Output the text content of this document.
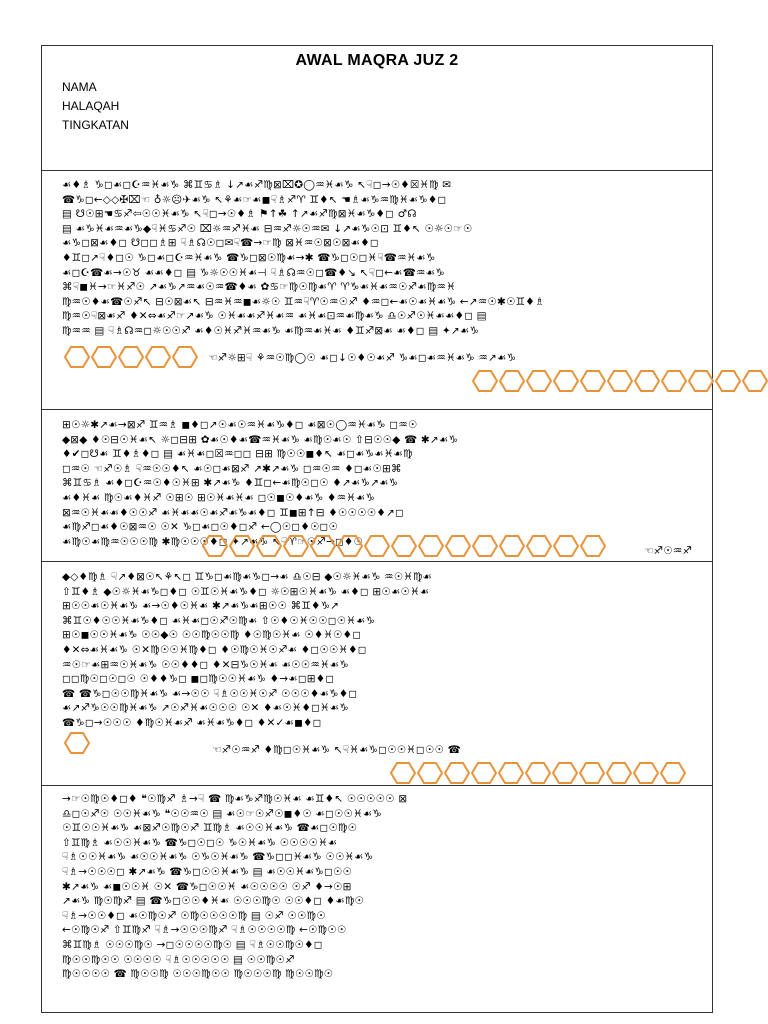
AWAL MAQRA JUZ 2
NAMA
HALAQAH
TINGKATAN
☙♦♗ ♑◻☙◻☪♒♓☙♑ ⌘♊♋♗ ↓↗☙♐♍⊠⌧✪◯♒♓☙♑ ↖☟◻→☉♦☒♓♍ ✉
☎♑◻←◇◇✠⌧☜ ♁☼☹✈☙♑ ↖⚘☙☞☙◼☟♗♐♈ ♊♦↖ ☚♗☙♑♒♍♓☙♑♦◻
▤ ☋☉⊞☚♋♐⇦☉☉♓☙♑ ↖☟◻→☉♦♗ ⚑↑☘ ↑↗☙♐♍⊠♓☙♑♦◻ ♂☊
▤ ☙♑♓☙♒☙♑◆☟♓♋♐☉ ⌧☼♒♐♓☙ ⊟♒♐☼☉♒✉ ↓↗☙♑☉⊡ ♊♦↖ ☉☼☉☞☉
☙♑◻⊠☙♦◻ ☋◻◻♗⊞ ☟♗☊☉◻✉☟☎→☞♍ ⊠♓♒☉⊠☉⊠☙♦◻
♦♊◻↗☟♦◻☉ ♑◻☙◻☪♒♓☙♑ ☎♑◻⊠☉♍☙→✱ ☎♑◻☉◻♓☟☎♒♓☙♑
☙◻☪☎☙→☉♉ ☙☙♦◻ ▤ ♑☼☉☉♓☙⊣ ☟♗☊♒☉◻☎♦↘ ↖☟◻←☙☎♒☙♑
⌘☟◼♓→☞♓♐☉ ↗☙♑↗♒☙☉♒☎♦☙ ✿♋☞♍☉♍☙♈ ♈♑☙♓☙♒☉♐☙♍♒♓
♍♒☉♦☙☎☉♐↖ ⊟☉⊠☙↖ ⊟♒♓♒◼☙☼☉ ♊♒☟♈☉♒☉♐ ♦♒◻←☙☉☙♓☙♑ ←↗♒☉✱☉♊♦♗
♍♒☉☟⊠☙♐ ♦✕⇔☙♐☞↗☙♑ ☉♓☙☙♐♓☙♒ ☙♓☙⊡♒☙♍☙♑ ♎☉♐☉♓☙☙♦◻ ▤
♍♒♒ ▤ ☟♗☊♒◻☼☉☉♐ ☙♦☉♓♐♓♒☙♑ ☙♍♒☙♓☙ ♦♊♐⊠☙ ☙♦◻ ▤ ✦↗☙♑
☜♐☼⊞☟ ⚘♒☉♍◯☉ ☙◻↓☉♦☉☙♐ ♑☙◻☙♒♓☙♑ ♒↗☙♑
⊞☉☼✱↗☙→⊠♐ ♊♒♗ ◼♦◻↗☉☙☉♒♓☙♑♦◻ ☙⊠☉◯♒♓☙♑ ◻♒☉
◆⊠◆ ♦☉⊟☉♓☙↖ ☼◻⊟⊞ ✿☙☉♦☙☎♒♓☙♑ ☙♍☉☙☉ ⇧⊟☉☉◆ ☎ ✱↗☙♑
♦✔◻☋☙ ♊♦♗♦◻ ▤ ☙♓☙◻☒♒◻◻ ⊟⊞ ♍☉☉◼♦↖ ☙◻☙♑☙♓☙♍
◻♒☉ ☜♐☉♗ ☟♒☉☉♦↖ ☙☉◻☙⊠♐ ↗✱↗☙♑ ◻♒☉♒ ♦◻☙☉⊞⌘
⌘♊♋♗ ☙♦◻☪♒☉♦☉♓⊞ ✱↗☙♑ ♦♊◻←☙♍☉◻☉ ♦↗☙♑↗☙♑
☙♦♓☙ ♍☉☙♦♓♐ ☉⊞☉ ⊞☉♓☙♓☙ ◻☉◼☉♦☙♑ ♦♒♓☙♑
⊠♒☉♓☙☙♦☉☉♐ ☙♓☙☙☉☙♐☙♑☙♦◻ ♊◼⊞↑⊟ ♦☉☉☉☉♦↗◻
☙♍♐◻☙♦☉⊠♒☉ ☉✕ ♑◻☙◻☉♦◻♐ ←◯☉◻♦☉◻☉
☙♍☉☙♍♒☉☉☉♍ ✱♍☉☉☉♦◻ ✦↗☙♑ ↖☟♈☞☉♐→◻♦☉
☜♐☉♒♐
◆◇♦♍♗ ☟↗♦⊠☉↖⚘↖◻ ♊♑◻☙♍☙♑◻→☙ ♎☉⊟ ◆☉☼♓☙♑ ♒☉♓♍☙
⇧♊♦♗ ◆☉☼♓☙♑◻♦◻ ☉♊☉♓☙♑♦◻ ☼☉⊞☉♓☙♑ ☙♦◻ ⊞☉☙☉♓☙
⊞☉☉☙☉♓☙♑ ☙→☉♦☉♓☙ ✱↗☙♑☙⊞☉☉ ⌘♊♦♑↗
⌘♊☉♦☉☉♓☙♑♦◻ ☙♓☙◻☉♐☉♍☙ ⇧☉♦☉♓☉☉◻☉♓☙♑
⊞☉◼☉☉♓☙♑ ☉☉◆☉ ☉☉♍☉☉♍ ♦☉♍☉♓☙ ☉♦♓☉♦◻
♦✕⇔☙♓☙♑ ☉✕♍☉☉♓♍♦◻ ♦☉♍☉♓☉♐☙ ♦◻☉☉♓♦◻
♒☉☞☙⊞♒☉♓☙♑ ☉☉♦♦◻ ♦✕⊟♑☉♓☙ ☙☉☉♒♓☙♑
◻◻♍☉◻☉◻☉ ☉♦♦♑◻ ◼◻♍☉☉♓☙♑ ♦→☙◻⊞♦◻
☎ ☎♑◻☉☉♍♓☙♑ ☙→☉☉ ☟♗☉☉♓☉♐ ☉☉☉♦☙♑♦◻
☙↗♐♑☉☉♍♓☙♑ ↗☉♐♓☙☉☉☉ ☉✕ ♦☙☉♓♦◻♓☙♑
☎♑◻→☉☉☉ ♦♍☉♓☙♐ ☙♓☙♑♦◻ ♦✕✓☙◼♦◻
☜♐☉♒♐ ♦♍◻☉♓☙♑ ↖☟♓☙♑◻☉☉♓◻☉☉ ☎
→☞☉♍☉♦◻♦ ❝☉♍♐ ♗→☟ ☎ ♍☙♑♐♍☉♓☙ ☙♊♦↖ ☉☉☉☉☉ ⊠
♎◻☉♐☉ ☉☉♓☙♑ ❝☉☉♒☉ ▤ ☙☉☞☉♐☉◼♦☉ ☙◻☉☉♓☙♑
☉♊☉☉♓☙♑ ☙⊠♐☉♍☉♐ ♊♍♗ ☙☉☉♓☙♑ ☎☙◻☉♍☉
⇧♊♍♗ ☙☉☉♓☙♑ ☎♑◻☉◻☉ ♑☉♓☙♑ ☉☉☉☉♓☙
☟♗☉☉♓☙♑ ☙☉☉♓☙♑ ☉♑☉♓☙♑ ☎♑◻◻♓☙♑ ☉☉♓☙♑
☟♗→☉☉☉◻ ✱↗☙♑ ☎♑◻☉☉♓☙♑ ▤ ☙☉☉♓☙♑◻☉☉
✱↗☙♑ ☙◼☉☉♓ ☉✕ ☎♑◻☉☉♓ ☙☉☉☉☉ ☉♐ ♦→☉⊞
↗☙♑ ♍☉♍♐ ▤ ☎♑◻☉☉♦♓☙ ☉☉☉♍☉ ☉☉♦◻ ♦☙♍☉
☟♗→☉☉♦◻ ☙☉♍☉♐ ☉♍☉☉☉☉♍ ▤ ☉♐ ☉☉♍☉
←☉♍☉♐ ⇧♊♍♐ ☟♗→☉☉☉♍♐ ☟♗☉☉☉☉♍ ←☉♍☉☉
⌘♊♍♗ ☉☉☉♍☉ →◻☉☉☉☉♍☉ ▤ ☟♗☉☉♍☉♦◻
♍☉☉♍☉☉ ☉☉☉☉ ☟♗☉☉☉☉☉ ▤ ☉☉♍☉♐
♍☉☉☉☉ ☎ ♍☉☉♍ ☉☉☉♍☉☉ ♍☉☉☉♍ ♍☉☉♍☉
